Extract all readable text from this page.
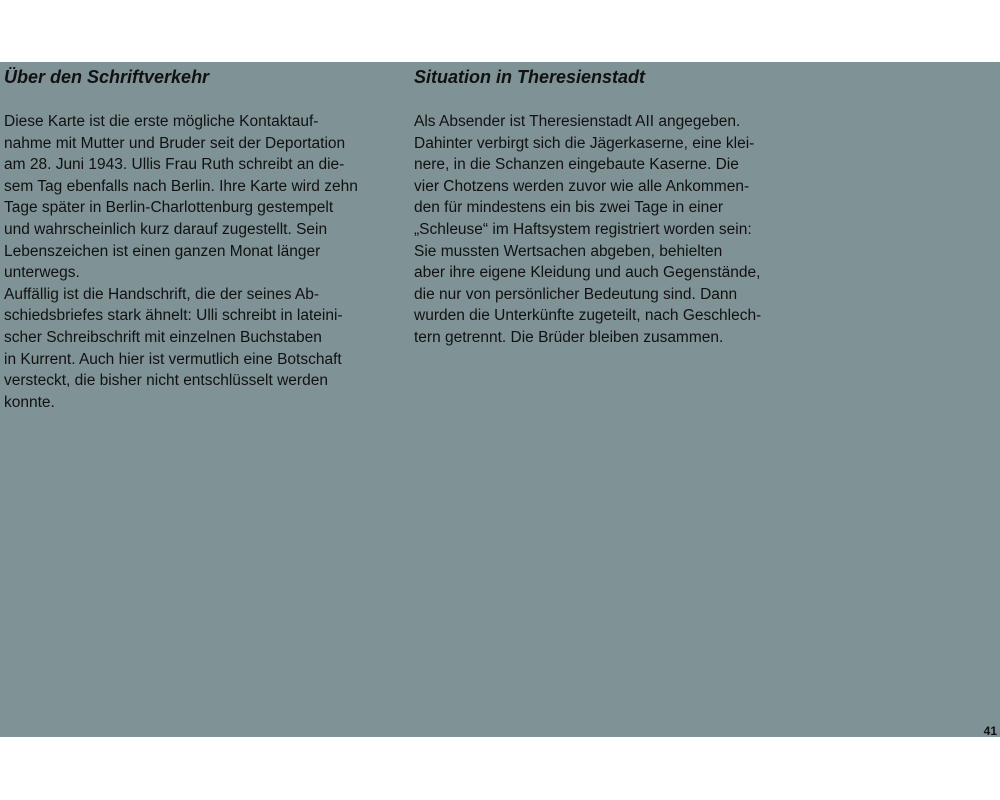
Über den Schriftverkehr
Diese Karte ist die erste mögliche Kontaktauf-
nahme mit Mutter und Bruder seit der Deportation
am 28. Juni 1943. Ullis Frau Ruth schreibt an die-
sem Tag ebenfalls nach Berlin. Ihre Karte wird zehn
Tage später in Berlin-Charlottenburg gestempelt
und wahrscheinlich kurz darauf zugestellt. Sein
Lebenszeichen ist einen ganzen Monat länger
unterwegs.
Auffällig ist die Handschrift, die der seines Ab-
schiedsbriefes stark ähnelt: Ulli schreibt in lateini-
scher Schreibschrift mit einzelnen Buchstaben
in Kurrent. Auch hier ist vermutlich eine Botschaft
versteckt, die bisher nicht entschlüsselt werden
konnte.
Situation in Theresienstadt
Als Absender ist Theresienstadt AII angegeben.
Dahinter verbirgt sich die Jägerkaserne, eine klei-
nere, in die Schanzen eingebaute Kaserne. Die
vier Chotzens werden zuvor wie alle Ankommen-
den für mindestens ein bis zwei Tage in einer
„Schleuse“ im Haftsystem registriert worden sein:
Sie mussten Wertsachen abgeben, behielten
aber ihre eigene Kleidung und auch Gegenstände,
die nur von persönlicher Bedeutung sind. Dann
wurden die Unterkünfte zugeteilt, nach Geschlech-
tern getrennt. Die Brüder bleiben zusammen.
41
